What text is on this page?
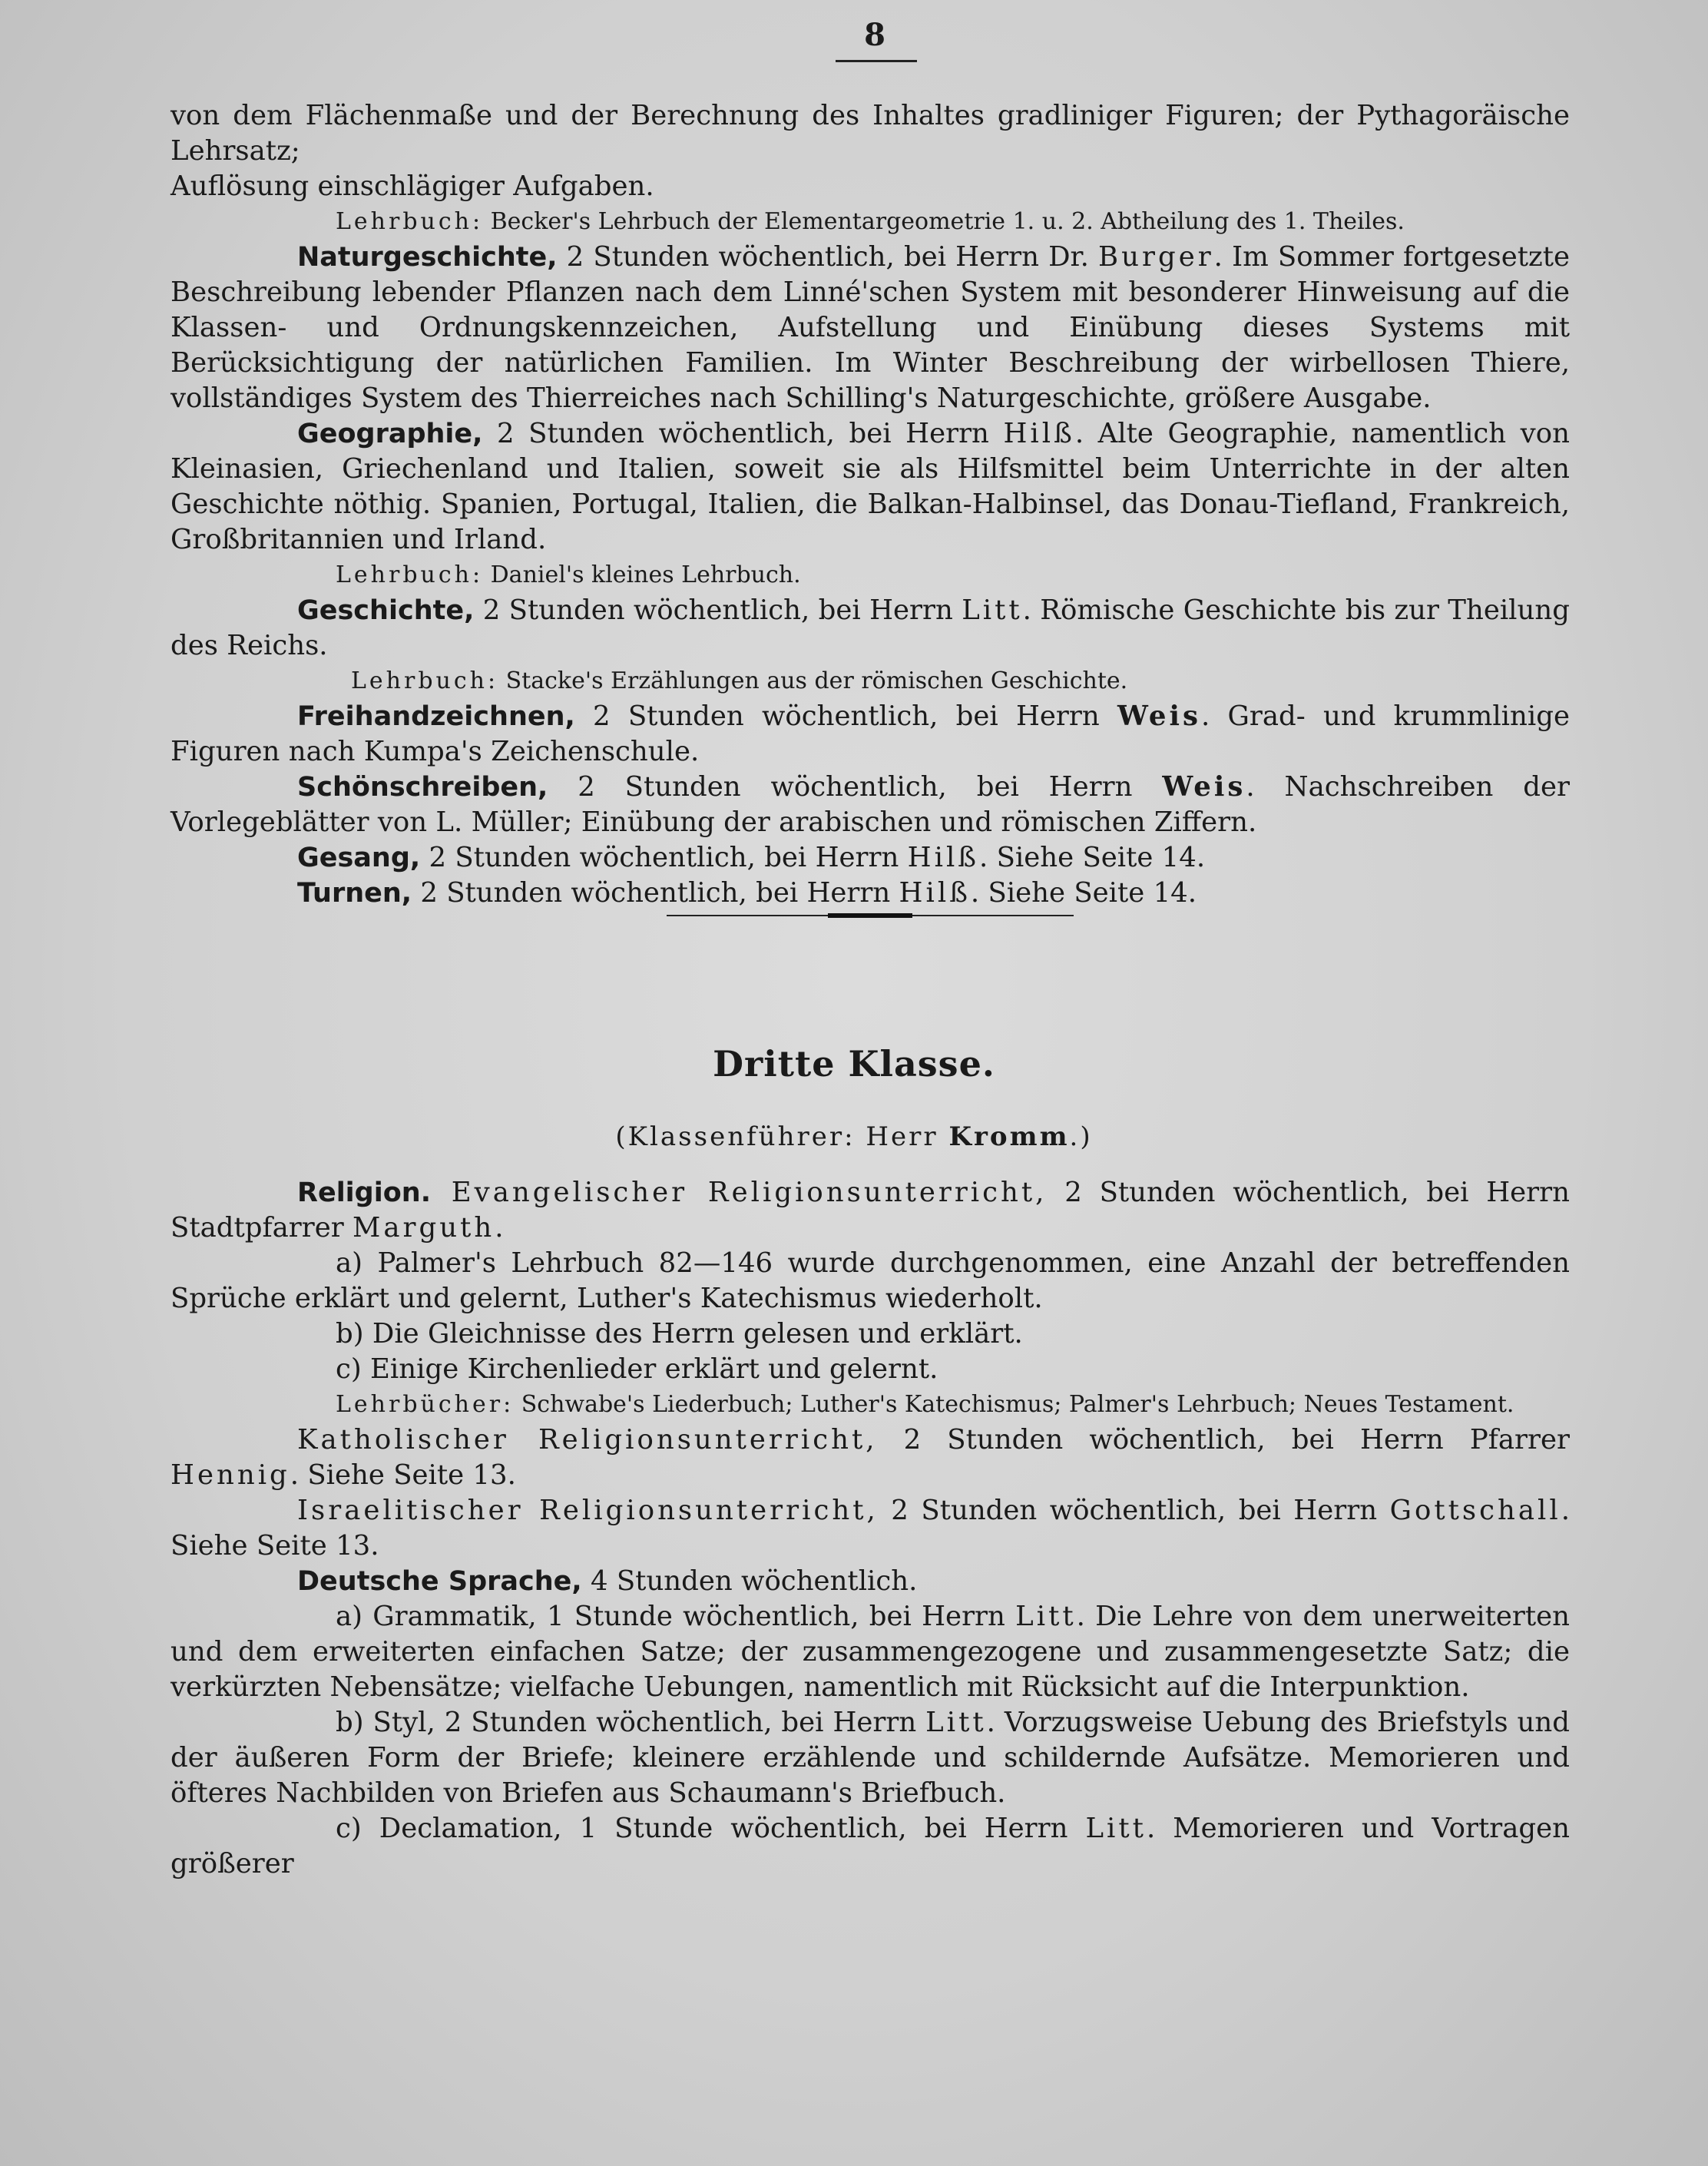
8

von dem Flächenmaße und der Berechnung des Inhaltes gradliniger Figuren; der Pythagoräische Lehrsatz;
Auflösung einschlägiger Aufgaben.

Lehrbuch: Becker's Lehrbuch der Elementargeometrie 1. u. 2. Abtheilung des 1. Theiles.

Naturgeschichte, 2 Stunden wöchentlich, bei Herrn Dr. Burger. Im Sommer fortgesetzte Beschreibung lebender Pflanzen nach dem Linné'schen System mit besonderer Hinweisung auf die Klassen- und Ordnungskennzeichen, Aufstellung und Einübung dieses Systems mit Berücksichtigung der natürlichen Familien. Im Winter Beschreibung der wirbellosen Thiere, vollständiges System des Thierreiches nach Schilling's Naturgeschichte, größere Ausgabe.

Geographie, 2 Stunden wöchentlich, bei Herrn Hilß. Alte Geographie, namentlich von Kleinasien, Griechenland und Italien, soweit sie als Hilfsmittel beim Unterrichte in der alten Geschichte nöthig. Spanien, Portugal, Italien, die Balkan-Halbinsel, das Donau-Tiefland, Frankreich, Großbritannien und Irland.

Lehrbuch: Daniel's kleines Lehrbuch.

Geschichte, 2 Stunden wöchentlich, bei Herrn Litt. Römische Geschichte bis zur Theilung des Reichs.

Lehrbuch: Stacke's Erzählungen aus der römischen Geschichte.

Freihandzeichnen, 2 Stunden wöchentlich, bei Herrn Weis. Grad- und krummlinige Figuren nach Kumpa's Zeichenschule.

Schönschreiben, 2 Stunden wöchentlich, bei Herrn Weis. Nachschreiben der Vorlegeblätter von L. Müller; Einübung der arabischen und römischen Ziffern.

Gesang, 2 Stunden wöchentlich, bei Herrn Hilß. Siehe Seite 14.

Turnen, 2 Stunden wöchentlich, bei Herrn Hilß. Siehe Seite 14.

Dritte Klasse.
(Klassenführer: Herr Kromm.)

Religion. Evangelischer Religionsunterricht, 2 Stunden wöchentlich, bei Herrn Stadtpfarrer Marguth.

a) Palmer's Lehrbuch 82—146 wurde durchgenommen, eine Anzahl der betreffenden Sprüche erklärt und gelernt, Luther's Katechismus wiederholt.

b) Die Gleichnisse des Herrn gelesen und erklärt.

c) Einige Kirchenlieder erklärt und gelernt.

Lehrbücher: Schwabe's Liederbuch; Luther's Katechismus; Palmer's Lehrbuch; Neues Testament.

Katholischer Religionsunterricht, 2 Stunden wöchentlich, bei Herrn Pfarrer Hennig. Siehe Seite 13.

Israelitischer Religionsunterricht, 2 Stunden wöchentlich, bei Herrn Gottschall. Siehe Seite 13.

Deutsche Sprache, 4 Stunden wöchentlich.

a) Grammatik, 1 Stunde wöchentlich, bei Herrn Litt. Die Lehre von dem unerweiterten und dem erweiterten einfachen Satze; der zusammengezogene und zusammengesetzte Satz; die verkürzten Nebensätze; vielfache Uebungen, namentlich mit Rücksicht auf die Interpunktion.

b) Styl, 2 Stunden wöchentlich, bei Herrn Litt. Vorzugsweise Uebung des Briefstyls und der äußeren Form der Briefe; kleinere erzählende und schildernde Aufsätze. Memorieren und öfteres Nachbilden von Briefen aus Schaumann's Briefbuch.

c) Declamation, 1 Stunde wöchentlich, bei Herrn Litt. Memorieren und Vortragen größerer
